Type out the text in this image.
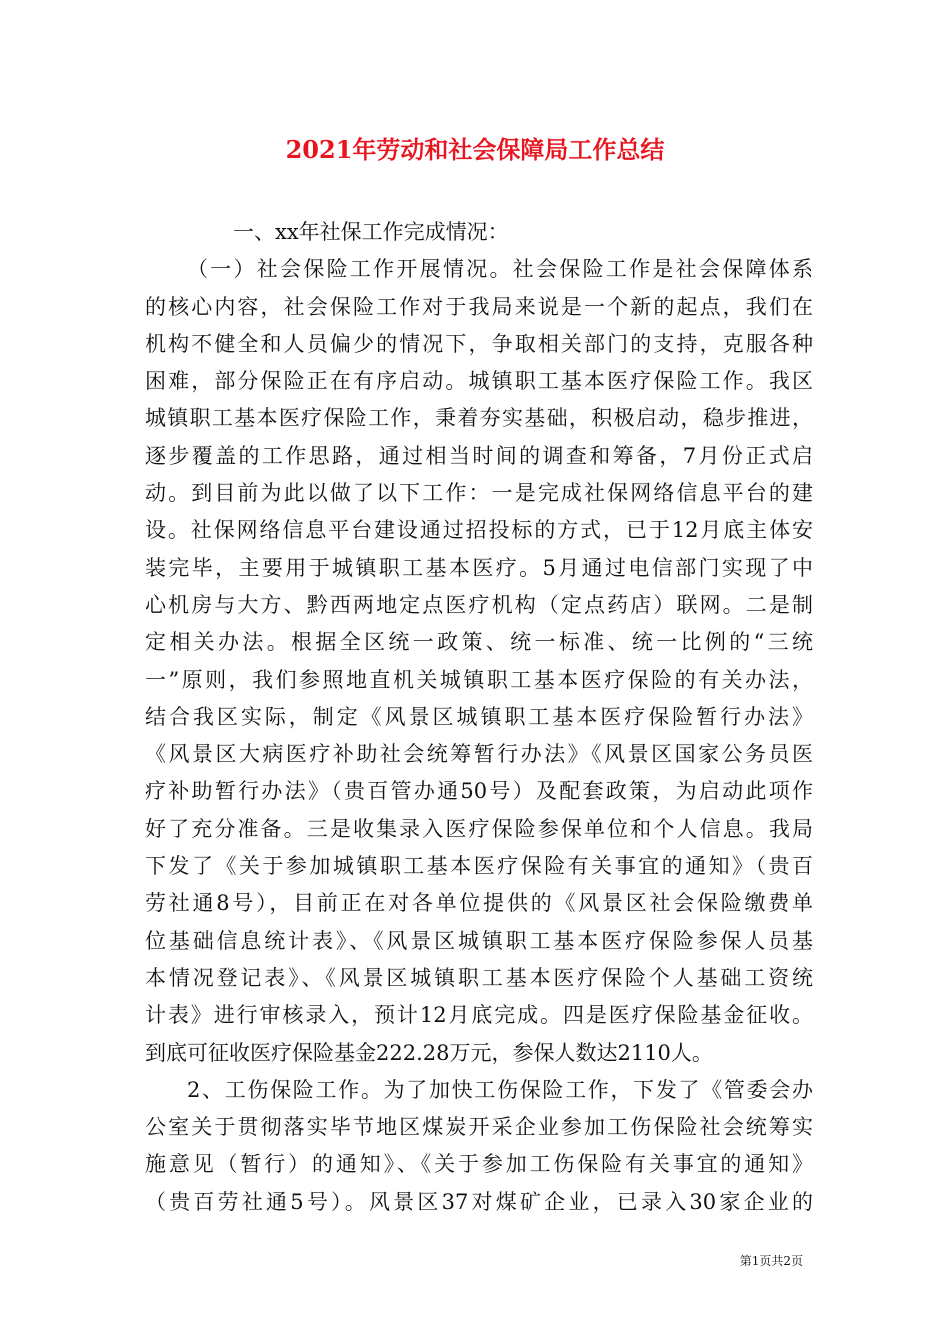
2021年劳动和社会保障局工作总结
一、xx年社保工作完成情况：
（一）社会保险工作开展情况。社会保险工作是社会保障体系
的核心内容，社会保险工作对于我局来说是一个新的起点，我们在
机构不健全和人员偏少的情况下，争取相关部门的支持，克服各种
困难，部分保险正在有序启动。城镇职工基本医疗保险工作。我区
城镇职工基本医疗保险工作，秉着夯实基础，积极启动，稳步推进，
逐步覆盖的工作思路，通过相当时间的调查和筹备，7月份正式启
动。到目前为此以做了以下工作：一是完成社保网络信息平台的建
设。社保网络信息平台建设通过招投标的方式，已于12月底主体安
装完毕，主要用于城镇职工基本医疗。5月通过电信部门实现了中
心机房与大方、黔西两地定点医疗机构（定点药店）联网。二是制
定相关办法。根据全区统一政策、统一标准、统一比例的“三统
一”原则，我们参照地直机关城镇职工基本医疗保险的有关办法，
结合我区实际，制定《风景区城镇职工基本医疗保险暂行办法》
《风景区大病医疗补助社会统筹暂行办法》《风景区国家公务员医
疗补助暂行办法》（贵百管办通50号）及配套政策，为启动此项作
好了充分准备。三是收集录入医疗保险参保单位和个人信息。我局
下发了《关于参加城镇职工基本医疗保险有关事宜的通知》（贵百
劳社通8号），目前正在对各单位提供的《风景区社会保险缴费单
位基础信息统计表》、《风景区城镇职工基本医疗保险参保人员基
本情况登记表》、《风景区城镇职工基本医疗保险个人基础工资统
计表》进行审核录入，预计12月底完成。四是医疗保险基金征收。
到底可征收医疗保险基金222.28万元，参保人数达2110人。
2、工伤保险工作。为了加快工伤保险工作，下发了《管委会办
公室关于贯彻落实毕节地区煤炭开采企业参加工伤保险社会统筹实
施意见（暂行）的通知》、《关于参加工伤保险有关事宜的通知》
（贵百劳社通5号）。风景区37对煤矿企业，已录入30家企业的
第1页共2页
